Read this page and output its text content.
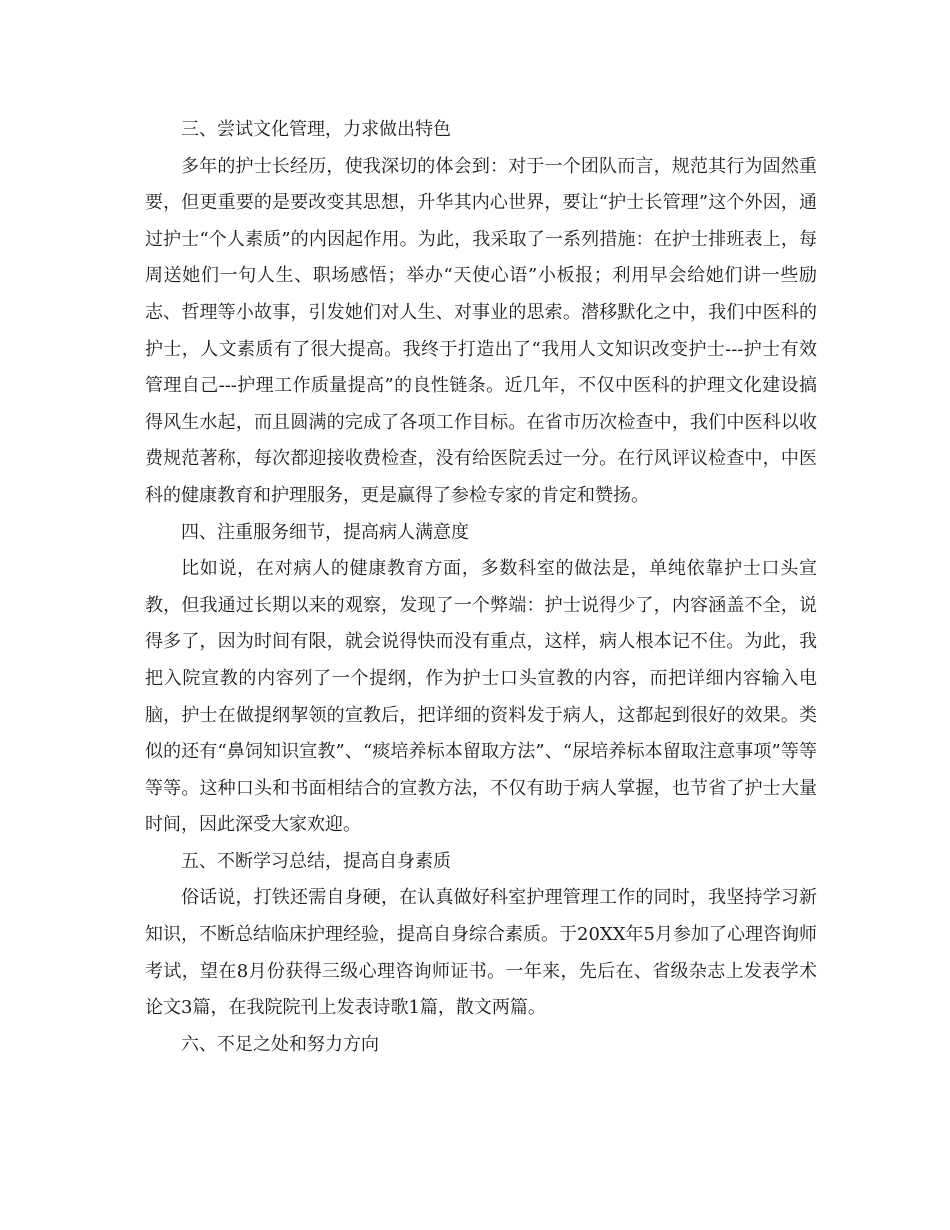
三、尝试文化管理，力求做出特色

多年的护士长经历，使我深切的体会到：对于一个团队而言，规范其行为固然重要，但更重要的是要改变其思想，升华其内心世界，要让“护士长管理”这个外因，通过护士“个人素质”的内因起作用。为此，我采取了一系列措施：在护士排班表上，每周送她们一句人生、职场感悟；举办“天使心语”小板报；利用早会给她们讲一些励志、哲理等小故事，引发她们对人生、对事业的思索。潜移默化之中，我们中医科的护士，人文素质有了很大提高。我终于打造出了“我用人文知识改变护士---护士有效管理自己---护理工作质量提高”的良性链条。近几年，不仅中医科的护理文化建设搞得风生水起，而且圆满的完成了各项工作目标。在省市历次检查中，我们中医科以收费规范著称，每次都迎接收费检查，没有给医院丢过一分。在行风评议检查中，中医科的健康教育和护理服务，更是赢得了参检专家的肯定和赞扬。

四、注重服务细节，提高病人满意度

比如说，在对病人的健康教育方面，多数科室的做法是，单纯依靠护士口头宣教，但我通过长期以来的观察，发现了一个弊端：护士说得少了，内容涵盖不全，说得多了，因为时间有限，就会说得快而没有重点，这样，病人根本记不住。为此，我把入院宣教的内容列了一个提纲，作为护士口头宣教的内容，而把详细内容输入电脑，护士在做提纲挈领的宣教后，把详细的资料发于病人，这都起到很好的效果。类似的还有“鼻饲知识宣教”、“痰培养标本留取方法”、“尿培养标本留取注意事项”等等等等。这种口头和书面相结合的宣教方法，不仅有助于病人掌握，也节省了护士大量时间，因此深受大家欢迎。

五、不断学习总结，提高自身素质

俗话说，打铁还需自身硬，在认真做好科室护理管理工作的同时，我坚持学习新知识，不断总结临床护理经验，提高自身综合素质。于20XX年5月参加了心理咨询师考试，望在8月份获得三级心理咨询师证书。一年来，先后在、省级杂志上发表学术论文3篇，在我院院刊上发表诗歌1篇，散文两篇。

六、不足之处和努力方向
